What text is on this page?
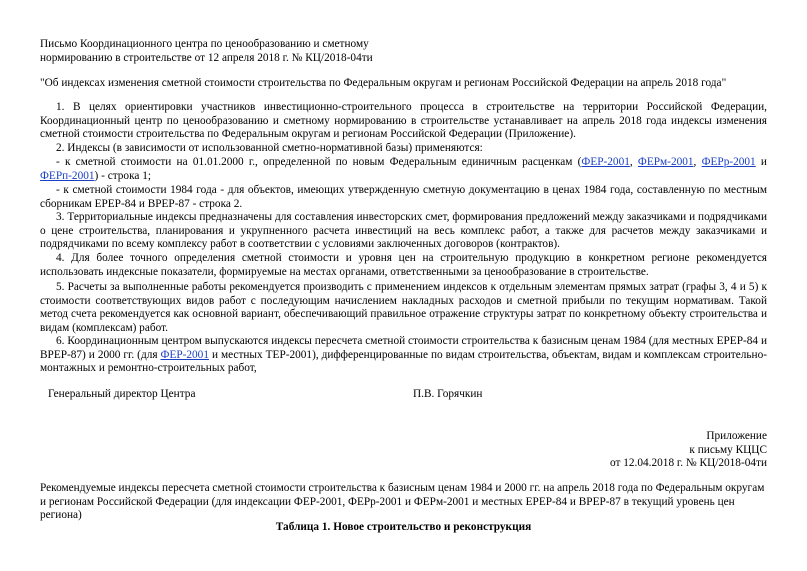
Письмо Координационного центра по ценообразованию и сметному
нормированию в строительстве от 12 апреля 2018 г. № КЦ/2018-04ти
"Об индексах изменения сметной стоимости строительства по Федеральным округам и регионам Российской Федерации на апрель 2018 года"
1. В целях ориентировки участников инвестиционно-строительного процесса в строительстве на территории Российской Федерации, Координационный центр по ценообразованию и сметному нормированию в строительстве устанавливает на апрель 2018 года индексы изменения сметной стоимости строительства по Федеральным округам и регионам Российской Федерации (Приложение).
2. Индексы (в зависимости от использованной сметно-нормативной базы) применяются:
- к сметной стоимости на 01.01.2000 г., определенной по новым Федеральным единичным расценкам (ФЕР-2001, ФЕРм-2001, ФЕРр-2001 и ФЕРп-2001) - строка 1;
- к сметной стоимости 1984 года - для объектов, имеющих утвержденную сметную документацию в ценах 1984 года, составленную по местным сборникам ЕРЕР-84 и ВРЕР-87 - строка 2.
3. Территориальные индексы предназначены для составления инвесторских смет, формирования предложений между заказчиками и подрядчиками о цене строительства, планирования и укрупненного расчета инвестиций на весь комплекс работ, а также для расчетов между заказчиками и подрядчиками по всему комплексу работ в соответствии с условиями заключенных договоров (контрактов).
4. Для более точного определения сметной стоимости и уровня цен на строительную продукцию в конкретном регионе рекомендуется использовать индексные показатели, формируемые на местах органами, ответственными за ценообразование в строительстве.
5. Расчеты за выполненные работы рекомендуется производить с применением индексов к отдельным элементам прямых затрат (графы 3, 4 и 5) к стоимости соответствующих видов работ с последующим начислением накладных расходов и сметной прибыли по текущим нормативам. Такой метод счета рекомендуется как основной вариант, обеспечивающий правильное отражение структуры затрат по конкретному объекту строительства и видам (комплексам) работ.
6. Координационным центром выпускаются индексы пересчета сметной стоимости строительства к базисным ценам 1984 (для местных ЕРЕР-84 и ВРЕР-87) и 2000 гг. (для ФЕР-2001 и местных ТЕР-2001), дифференцированные по видам строительства, объектам, видам и комплексам строительно-монтажных и ремонтно-строительных работ,
Генеральный директор Центра	П.В. Горячкин
Приложение
к письму КЦЦС
от 12.04.2018 г. № КЦ/2018-04ти
Рекомендуемые индексы пересчета сметной стоимости строительства к базисным ценам 1984 и 2000 гг. на апрель 2018 года по Федеральным округам и регионам Российской Федерации (для индексации ФЕР-2001, ФЕРр-2001 и ФЕРм-2001 и местных ЕРЕР-84 и ВРЕР-87 в текущий уровень цен региона)
Таблица 1. Новое строительство и реконструкция
